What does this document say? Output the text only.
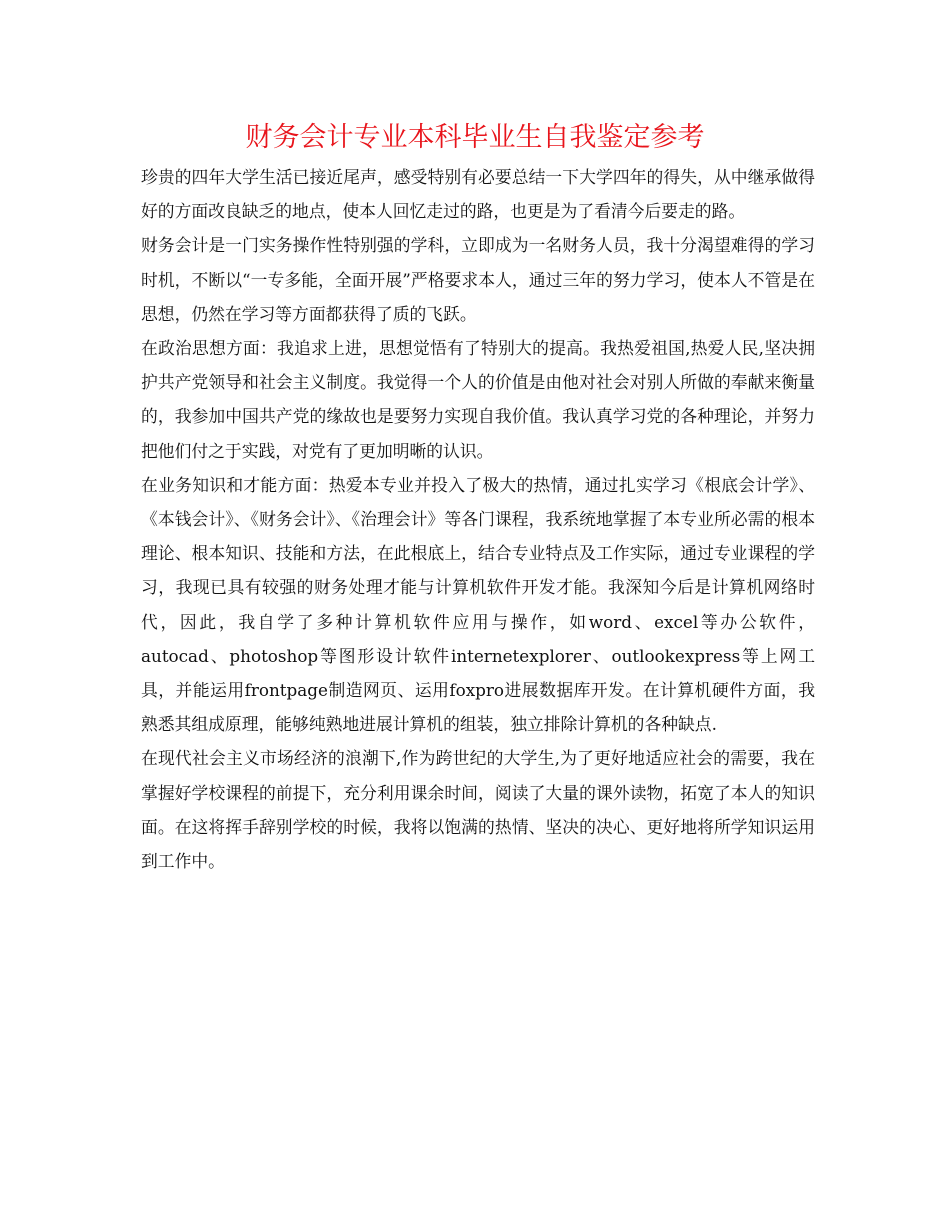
财务会计专业本科毕业生自我鉴定参考

珍贵的四年大学生活已接近尾声，感受特别有必要总结一下大学四年的得失，从中继承做得好的方面改良缺乏的地点，使本人回忆走过的路，也更是为了看清今后要走的路。

财务会计是一门实务操作性特别强的学科，立即成为一名财务人员，我十分渴望难得的学习时机，不断以“一专多能，全面开展”严格要求本人，通过三年的努力学习，使本人不管是在思想，仍然在学习等方面都获得了质的飞跃。

在政治思想方面：我追求上进，思想觉悟有了特别大的提高。我热爱祖国,热爱人民,坚决拥护共产党领导和社会主义制度。我觉得一个人的价值是由他对社会对别人所做的奉献来衡量的，我参加中国共产党的缘故也是要努力实现自我价值。我认真学习党的各种理论，并努力把他们付之于实践，对党有了更加明晰的认识。

在业务知识和才能方面：热爱本专业并投入了极大的热情，通过扎实学习《根底会计学》、《本钱会计》、《财务会计》、《治理会计》等各门课程，我系统地掌握了本专业所必需的根本理论、根本知识、技能和方法，在此根底上，结合专业特点及工作实际，通过专业课程的学习，我现已具有较强的财务处理才能与计算机软件开发才能。我深知今后是计算机网络时代，因此，我自学了多种计算机软件应用与操作，如word、excel等办公软件，autocad、photoshop等图形设计软件internetexplorer、outlookexpress等上网工具，并能运用frontpage制造网页、运用foxpro进展数据库开发。在计算机硬件方面，我熟悉其组成原理，能够纯熟地进展计算机的组装，独立排除计算机的各种缺点.

在现代社会主义市场经济的浪潮下,作为跨世纪的大学生,为了更好地适应社会的需要，我在掌握好学校课程的前提下，充分利用课余时间，阅读了大量的课外读物，拓宽了本人的知识面。在这将挥手辞别学校的时候，我将以饱满的热情、坚决的决心、更好地将所学知识运用到工作中。
